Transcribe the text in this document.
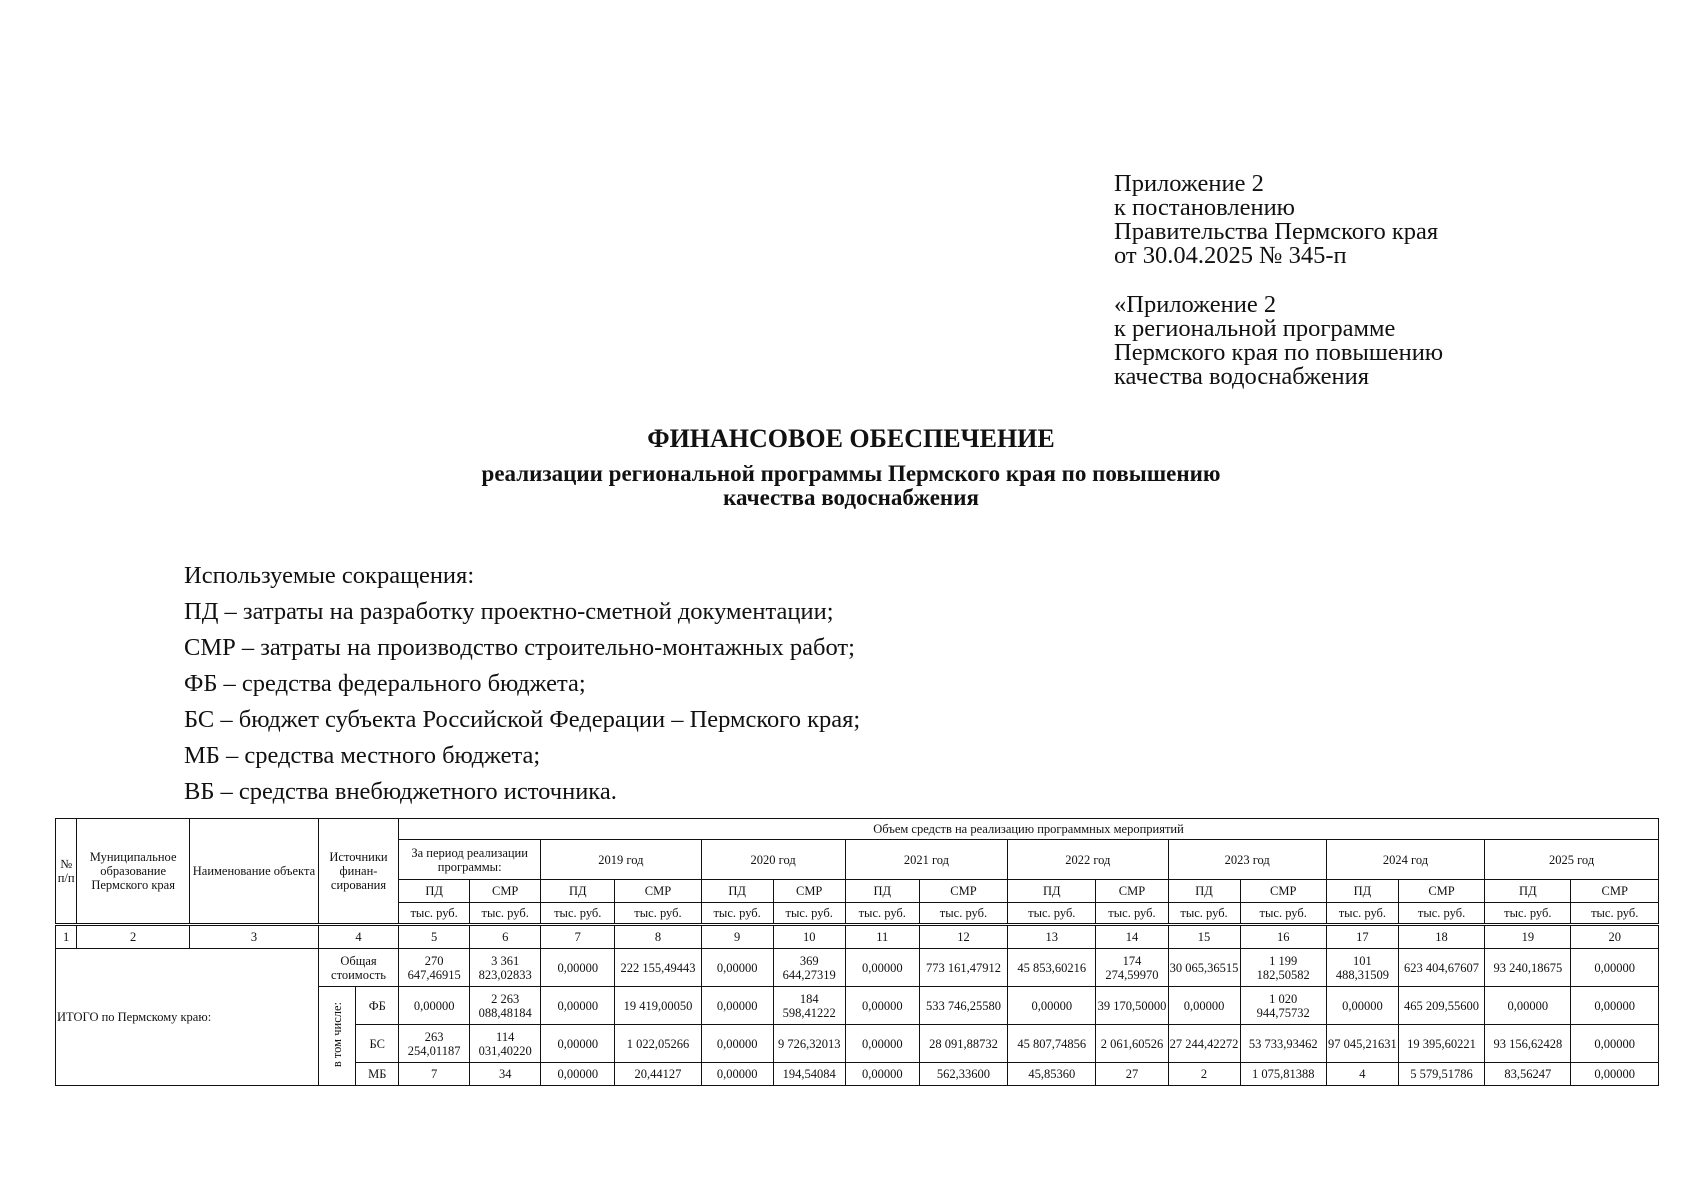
Приложение 2
к постановлению
Правительства Пермского края
от 30.04.2025 № 345-п
«Приложение 2
к региональной программе
Пермского края по повышению
качества водоснабжения
ФИНАНСОВОЕ ОБЕСПЕЧЕНИЕ
реализации региональной программы Пермского края по повышению
качества водоснабжения
Используемые сокращения:
ПД – затраты на разработку проектно-сметной документации;
СМР – затраты на производство строительно-монтажных работ;
ФБ – средства федерального бюджета;
БС – бюджет субъекта Российской Федерации – Пермского края;
МБ – средства местного бюджета;
ВБ – средства внебюджетного источника.
№ п/п	Муниципальное образование Пермского края	Наименование объекта	Источники финан-сирования		Объем средств на реализацию программных мероприятий															
					За период реализации программы:		2019 год		2020 год		2021 год		2022 год		2023 год		2024 год		2025 год	
					ПД	СМР	ПД	СМР	ПД	СМР	ПД	СМР	ПД	СМР	ПД	СМР	ПД	СМР	ПД	СМР
					тыс. руб.	тыс. руб.	тыс. руб.	тыс. руб.	тыс. руб.	тыс. руб.	тыс. руб.	тыс. руб.	тыс. руб.	тыс. руб.	тыс. руб.	тыс. руб.	тыс. руб.	тыс. руб.	тыс. руб.	тыс. руб.
1	2	3	4		5	6	7	8	9	10	11	12	13	14	15	16	17	18	19	20
ИТОГО по Пермскому краю:			Общая стоимость		270 647,46915	3 361 823,02833	0,00000	222 155,49443	0,00000	369 644,27319	0,00000	773 161,47912	45 853,60216	174 274,59970	30 065,36515	1 199 182,50582	101 488,31509	623 404,67607	93 240,18675	0,00000
			в том числе:	ФБ	0,00000	2 263 088,48184	0,00000	19 419,00050	0,00000	184 598,41222	0,00000	533 746,25580	0,00000	39 170,50000	0,00000	1 020 944,75732	0,00000	465 209,55600	0,00000	0,00000
				БС	263 254,01187	114 031,40220	0,00000	1 022,05266	0,00000	9 726,32013	0,00000	28 091,88732	45 807,74856	2 061,60526	27 244,42272	53 733,93462	97 045,21631	19 395,60221	93 156,62428	0,00000
				МБ	7	34	0,00000	20,44127	0,00000	194,54084	0,00000	562,33600	45,85360	27	2	1 075,81388	4	5 579,51786	83,56247	0,00000
